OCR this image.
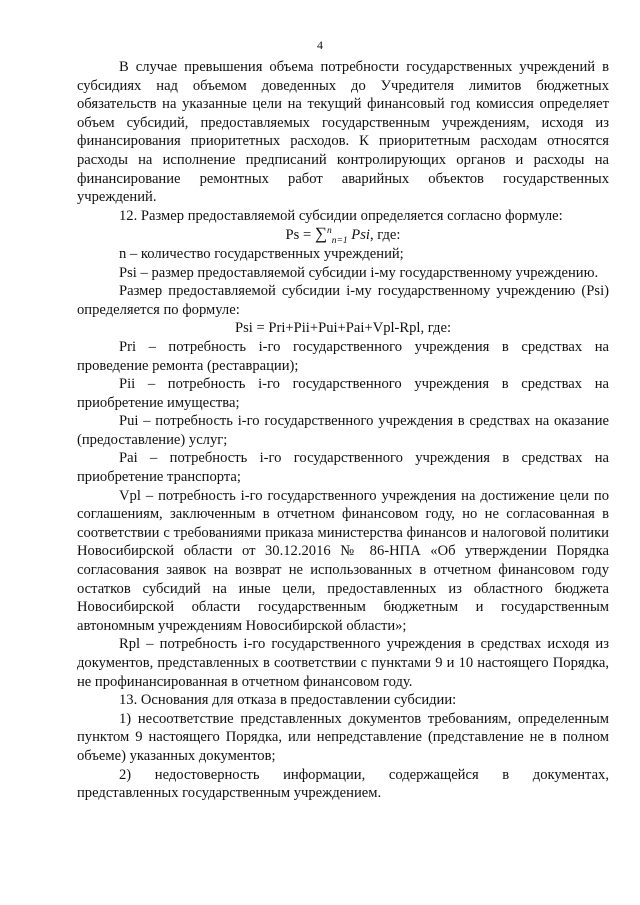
4

В случае превышения объема потребности государственных учреждений в субсидиях над объемом доведенных до Учредителя лимитов бюджетных обязательств на указанные цели на текущий финансовый год комиссия определяет объем субсидий, предоставляемых государственным учреждениям, исходя из финансирования приоритетных расходов. К приоритетным расходам относятся расходы на исполнение предписаний контролирующих органов и расходы на финансирование ремонтных работ аварийных объектов государственных учреждений.

12. Размер предоставляемой субсидии определяется согласно формуле:

Ps = ∑$^n_{n=1}$ Psi, где:

n – количество государственных учреждений;

Psi – размер предоставляемой субсидии i-му государственному учреждению.

Размер предоставляемой субсидии i-му государственному учреждению (Psi) определяется по формуле:

Psi = Pri+Pii+Pui+Pai+Vpl-Rpl, где:

Pri – потребность i-го государственного учреждения в средствах на проведение ремонта (реставрации);

Pii – потребность i-го государственного учреждения в средствах на приобретение имущества;

Pui – потребность i-го государственного учреждения в средствах на оказание (предоставление) услуг;

Pai – потребность i-го государственного учреждения в средствах на приобретение транспорта;

Vpl – потребность i-го государственного учреждения на достижение цели по соглашениям, заключенным в отчетном финансовом году, но не согласованная в соответствии с требованиями приказа министерства финансов и налоговой политики Новосибирской области от 30.12.2016 № 86-НПА «Об утверждении Порядка согласования заявок на возврат не использованных в отчетном финансовом году остатков субсидий на иные цели, предоставленных из областного бюджета Новосибирской области государственным бюджетным и государственным автономным учреждениям Новосибирской области»;

Rpl – потребность i-го государственного учреждения в средствах исходя из документов, представленных в соответствии с пунктами 9 и 10 настоящего Порядка, не профинансированная в отчетном финансовом году.

13. Основания для отказа в предоставлении субсидии:

1) несоответствие представленных документов требованиям, определенным пунктом 9 настоящего Порядка, или непредставление (представление не в полном объеме) указанных документов;

2) недостоверность информации, содержащейся в документах, представленных государственным учреждением.
